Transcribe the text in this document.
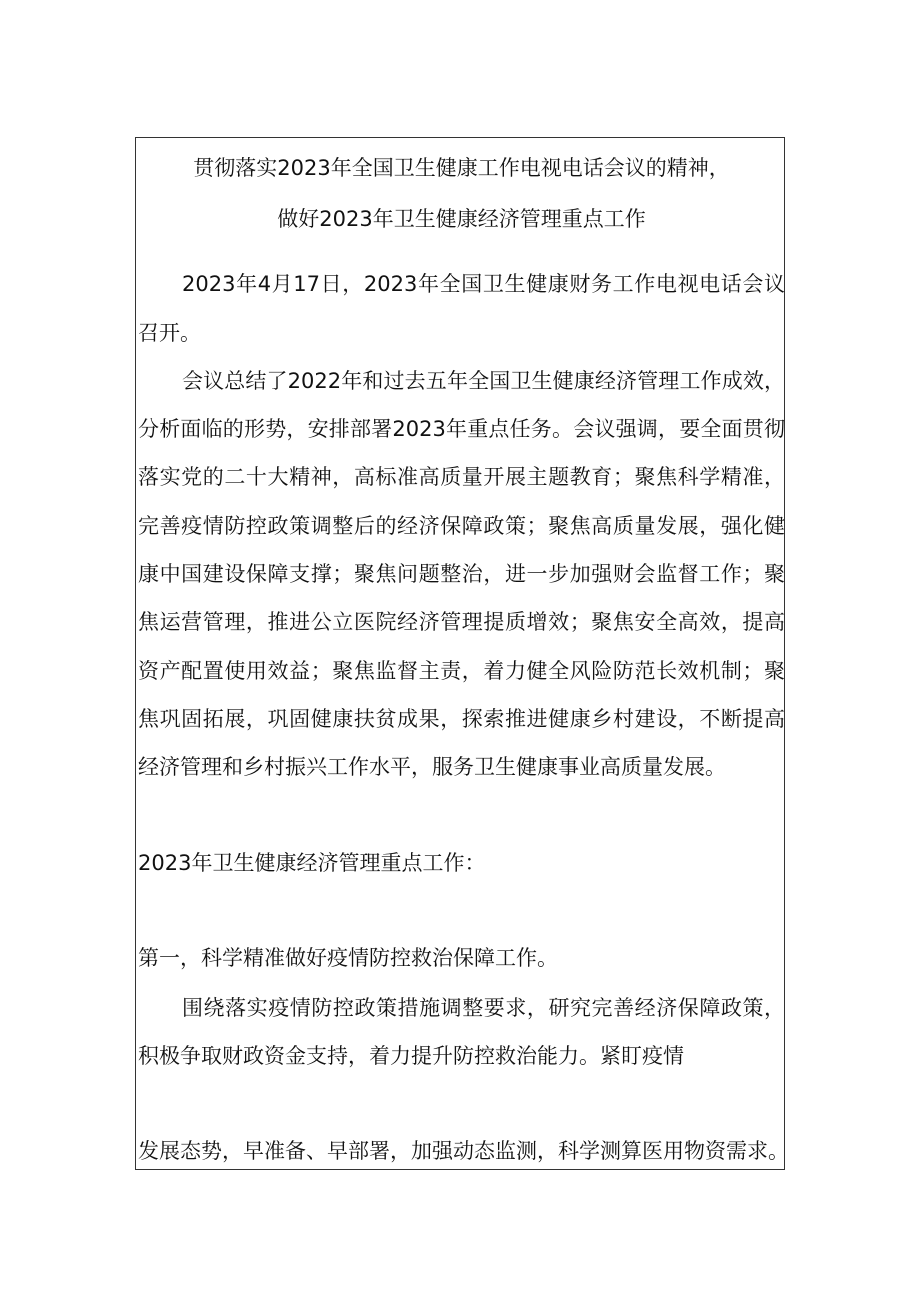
贯彻落实2023年全国卫生健康工作电视电话会议的精神，
做好2023年卫生健康经济管理重点工作
2023年4月17日，2023年全国卫生健康财务工作电视电话会议
召开。
会议总结了2022年和过去五年全国卫生健康经济管理工作成效，
分析面临的形势，安排部署2023年重点任务。会议强调，要全面贯彻
落实党的二十大精神，高标准高质量开展主题教育；聚焦科学精准，
完善疫情防控政策调整后的经济保障政策；聚焦高质量发展，强化健
康中国建设保障支撑；聚焦问题整治，进一步加强财会监督工作；聚
焦运营管理，推进公立医院经济管理提质增效；聚焦安全高效，提高
资产配置使用效益；聚焦监督主责，着力健全风险防范长效机制；聚
焦巩固拓展，巩固健康扶贫成果，探索推进健康乡村建设，不断提高
经济管理和乡村振兴工作水平，服务卫生健康事业高质量发展。
2023年卫生健康经济管理重点工作：
第一，科学精准做好疫情防控救治保障工作。
围绕落实疫情防控政策措施调整要求，研究完善经济保障政策，
积极争取财政资金支持，着力提升防控救治能力。紧盯疫情
发展态势，早准备、早部署，加强动态监测，科学测算医用物资需求。
